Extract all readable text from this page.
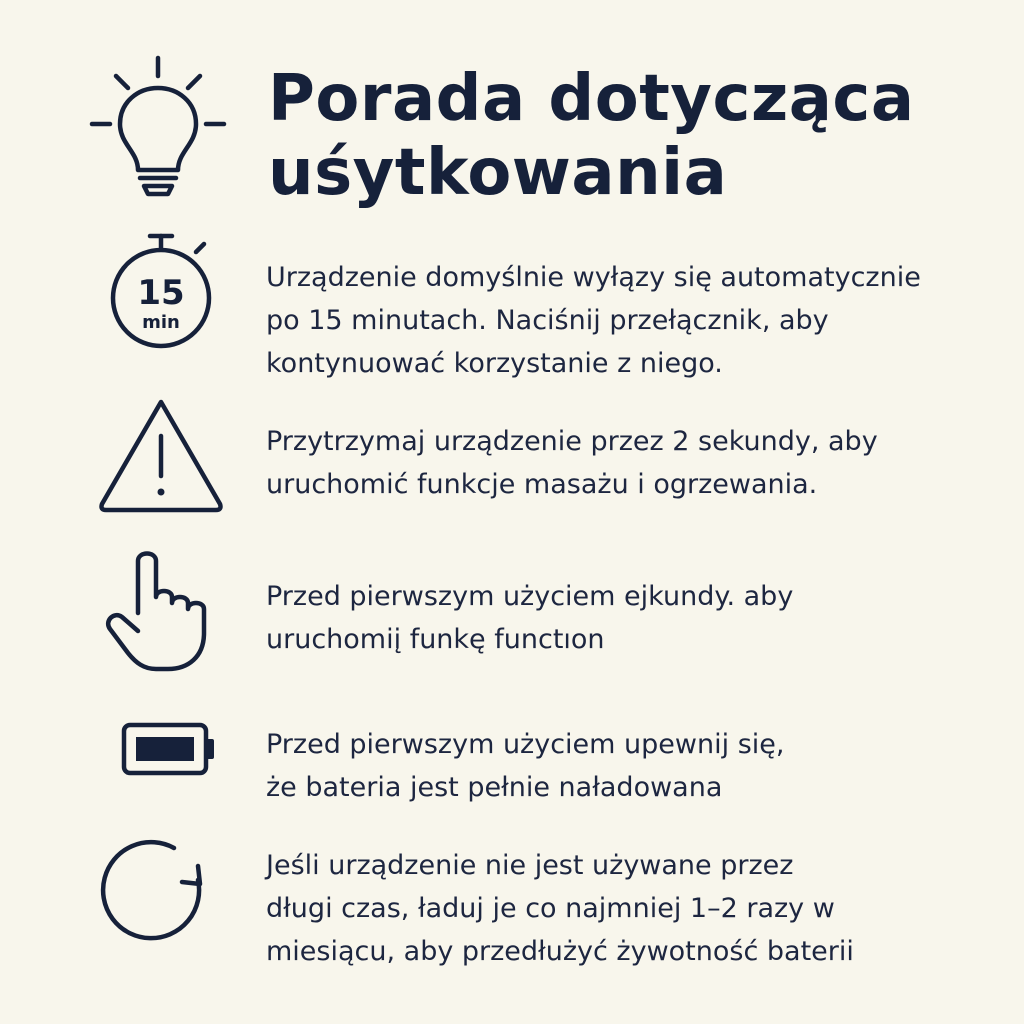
Porada dotycząca
uśytkowania
15
min

Urządzenie domyślnie wyłązy się automatycznie
po 15 minutach. Naciśnij przełącznik, aby
kontynuować korzystanie z niego.

Przytrzymaj urządzenie przez 2 sekundy, aby
uruchomić funkcje masażu i ogrzewania.

Przed pierwszym użyciem ejkundy. aby
uruchomiį funkę functıon

Przed pierwszym użyciem upewnij się,
że bateria jest pełnie naładowana

Jeśli urządzenie nie jest używane przez
długi czas, ładuj je co najmniej 1–2 razy w
miesiącu, aby przedłużyć żywotność baterii
